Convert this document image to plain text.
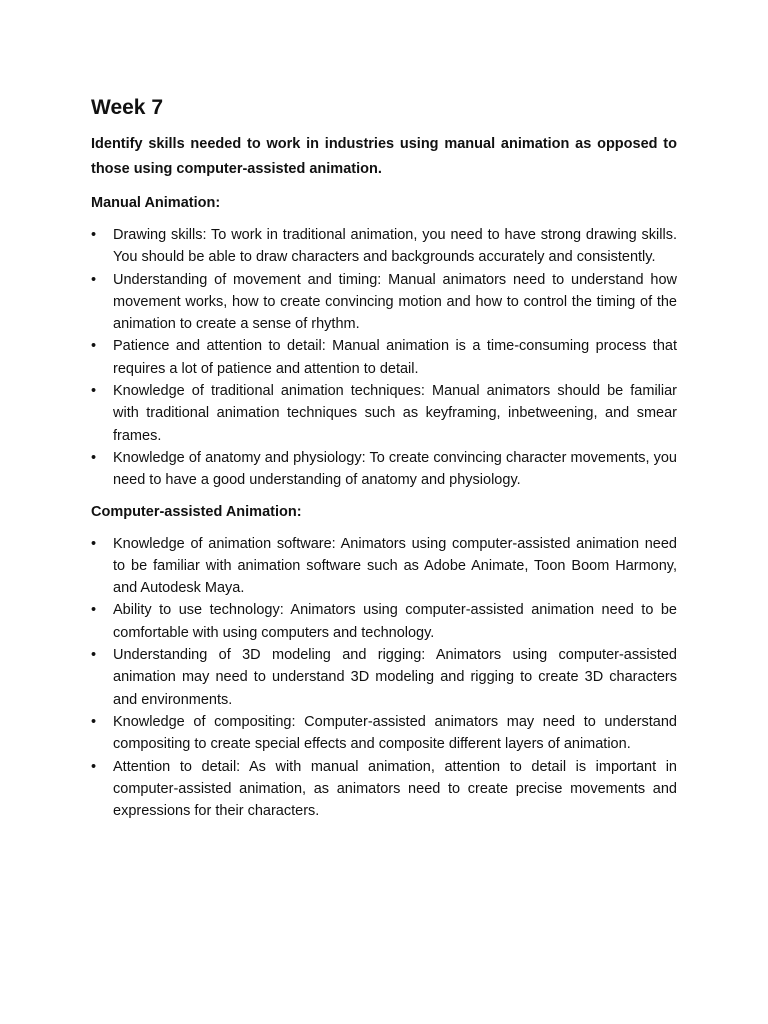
Week 7

Identify skills needed to work in industries using manual animation as opposed to those using computer-assisted animation.

Manual Animation:
•	Drawing skills: To work in traditional animation, you need to have strong drawing skills. You should be able to draw characters and backgrounds accurately and consistently.
•	Understanding of movement and timing: Manual animators need to understand how movement works, how to create convincing motion and how to control the timing of the animation to create a sense of rhythm.
•	Patience and attention to detail: Manual animation is a time-consuming process that requires a lot of patience and attention to detail.
•	Knowledge of traditional animation techniques: Manual animators should be familiar with traditional animation techniques such as keyframing, inbetweening, and smear frames.
•	Knowledge of anatomy and physiology: To create convincing character movements, you need to have a good understanding of anatomy and physiology.
Computer-assisted Animation:
•	Knowledge of animation software: Animators using computer-assisted animation need to be familiar with animation software such as Adobe Animate, Toon Boom Harmony, and Autodesk Maya.
•	Ability to use technology: Animators using computer-assisted animation need to be comfortable with using computers and technology.
•	Understanding of 3D modeling and rigging: Animators using computer-assisted animation may need to understand 3D modeling and rigging to create 3D characters and environments.
•	Knowledge of compositing: Computer-assisted animators may need to understand compositing to create special effects and composite different layers of animation.
•	Attention to detail: As with manual animation, attention to detail is important in computer-assisted animation, as animators need to create precise movements and expressions for their characters.
